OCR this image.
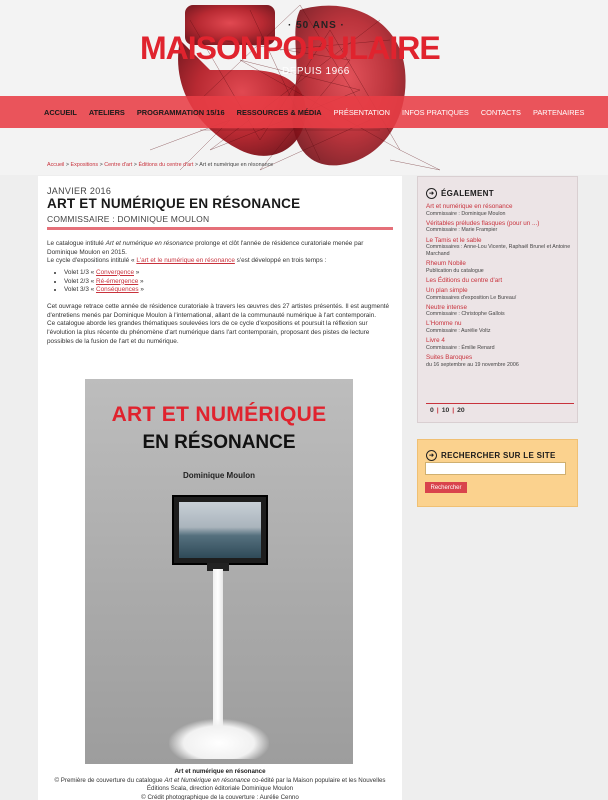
· 50 ANS ·
MAISONPOPULAIRE
DEPUIS 1966
ACCUEIL ATELIERS PROGRAMMATION 15/16 RESSOURCES & MÉDIA PRÉSENTATION INFOS PRATIQUES CONTACTS PARTENAIRES
Accueil > Expositions > Centre d'art > Éditions du centre d'art > Art et numérique en résonance
JANVIER 2016
ART ET NUMÉRIQUE EN RÉSONANCE
COMMISSAIRE : DOMINIQUE MOULON

Le catalogue intitulé Art et numérique en résonance prolonge et clôt l'année de résidence curatoriale menée par Dominique Moulon en 2015.

Le cycle d'expositions intitulé « L'art et le numérique en résonance s'est développé en trois temps :

• Volet 1/3 « Convergence »
• Volet 2/3 « Ré-émergence »
• Volet 3/3 « Conséquences »

Cet ouvrage retrace cette année de résidence curatoriale à travers les œuvres des 27 artistes présentés. Il est augmenté d'entretiens menés par Dominique Moulon à l'international, allant de la communauté numérique à l'art contemporain.

Ce catalogue aborde les grandes thématiques soulevées lors de ce cycle d'expositions et poursuit la réflexion sur l'évolution la plus récente du phénomène d'art numérique dans l'art contemporain, proposant des pistes de lecture possibles de la fusion de l'art et du numérique.

ART ET NUMÉRIQUE
EN RÉSONANCE
Dominique Moulon
Art et numérique en résonance
© Première de couverture du catalogue Art et Numérique en résonance co-édité par la Maison populaire et les Nouvelles Éditions Scala, direction éditoriale Dominique Moulon
© Crédit photographique de la couverture : Aurélie Cenno
➜ ÉGALEMENT
Art et numérique en résonance
Commissaire : Dominique Moulon
Véritables préludes flasques (pour un ...)
Commissaire : Marie Frampier
Le Tamis et le sable
Commissaires : Anne-Lou Vicente, Raphaël Brunel et Antoine Marchand
Rheum Nobile
Publication du catalogue
Les Éditions du centre d'art
Un plan simple
Commissaires d'exposition Le Bureau/
Neutre intense
Commissaire : Christophe Gallois
L'Homme nu
Commissaire : Aurélie Voltz
Livre 4
Commissaire : Émilie Renard
Suites Baroques
du 16 septembre au 19 novembre 2006
0 | 10 | 20
➜ RECHERCHER SUR LE SITE
Rechercher
